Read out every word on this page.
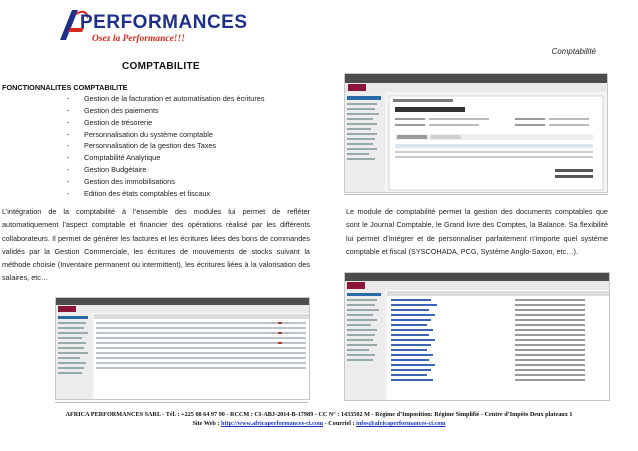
PERFORMANCES
Osez la Performance!!!
Comptabilité
COMPTABILITE
FONCTIONNALITES COMPTABILITE
- Gestion de la facturation et automatisation des écritures
- Gestion des paiements
- Gestion de trésorerie
- Personnalisation du système comptable
- Personnalisation de la gestion des Taxes
- Comptabilité Analytique
- Gestion Budgétaire
- Gestion des immobilisations
- Edition des états comptables et fiscaux
L’intégration de la comptabilité à l’ensemble des modules lui permet de refléter automatiquement l’aspect comptable et financier des opérations réalisé par les différents collaborateurs. Il permet de générer les factures et les écritures liées des bons de commandes validés par la Gestion Commerciale, les écritures de mouvements de stocks suivant la méthode choisie (Inventaire permanent ou intermittent), les écritures liées à la valorisation des salaires, etc…
Le module de comptabilité permet la gestion des documents comptables que sont le Journal Comptable, le Grand livre des Comptes, la Balance. Sa flexibilité lui permet d’intégrer et de personnaliser parfaitement n’importe quel système comptable et fiscal (SYSCOHADA, PCG, Système Anglo-Saxon, etc…).
AFRICA PERFORMANCES SARL - Tél. : +225 08 64 97 90 - RCCM : CI-ABJ-2014-B-17989 - CC N° : 1433502 M - Régime d’Imposition: Régime Simplifié - Centre d’Impôts Deux plateaux 1
Site Web : http://www.africaperformances-ci.com - Courriel : infos@africaperformances-ci.com
